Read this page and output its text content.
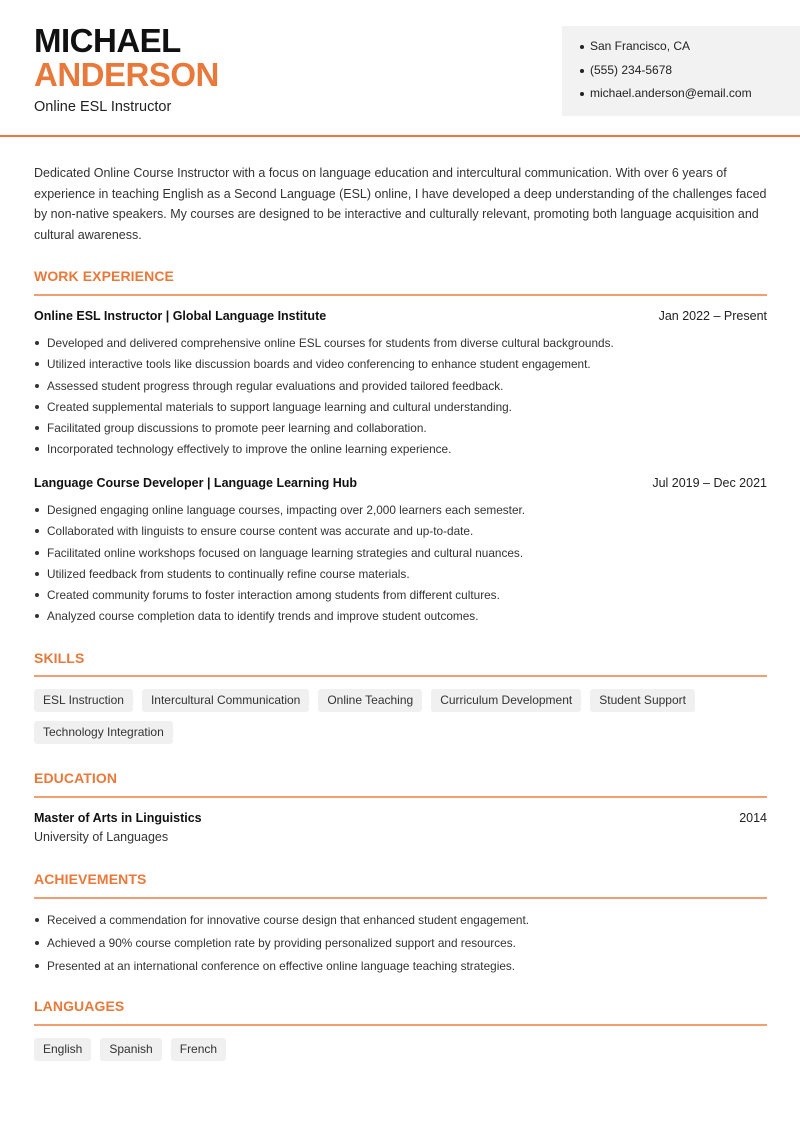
MICHAEL
ANDERSON
Online ESL Instructor
San Francisco, CA
(555) 234-5678
michael.anderson@email.com

Dedicated Online Course Instructor with a focus on language education and intercultural communication. With over 6 years of experience in teaching English as a Second Language (ESL) online, I have developed a deep understanding of the challenges faced by non-native speakers. My courses are designed to be interactive and culturally relevant, promoting both language acquisition and cultural awareness.

WORK EXPERIENCE
Online ESL Instructor | Global Language Institute	Jan 2022 – Present
Developed and delivered comprehensive online ESL courses for students from diverse cultural backgrounds.
Utilized interactive tools like discussion boards and video conferencing to enhance student engagement.
Assessed student progress through regular evaluations and provided tailored feedback.
Created supplemental materials to support language learning and cultural understanding.
Facilitated group discussions to promote peer learning and collaboration.
Incorporated technology effectively to improve the online learning experience.
Language Course Developer | Language Learning Hub	Jul 2019 – Dec 2021
Designed engaging online language courses, impacting over 2,000 learners each semester.
Collaborated with linguists to ensure course content was accurate and up-to-date.
Facilitated online workshops focused on language learning strategies and cultural nuances.
Utilized feedback from students to continually refine course materials.
Created community forums to foster interaction among students from different cultures.
Analyzed course completion data to identify trends and improve student outcomes.
SKILLS
ESL Instruction	Intercultural Communication	Online Teaching	Curriculum Development	Student Support
Technology Integration
EDUCATION
Master of Arts in Linguistics	2014
University of Languages
ACHIEVEMENTS
Received a commendation for innovative course design that enhanced student engagement.
Achieved a 90% course completion rate by providing personalized support and resources.
Presented at an international conference on effective online language teaching strategies.
LANGUAGES
English	Spanish	French
